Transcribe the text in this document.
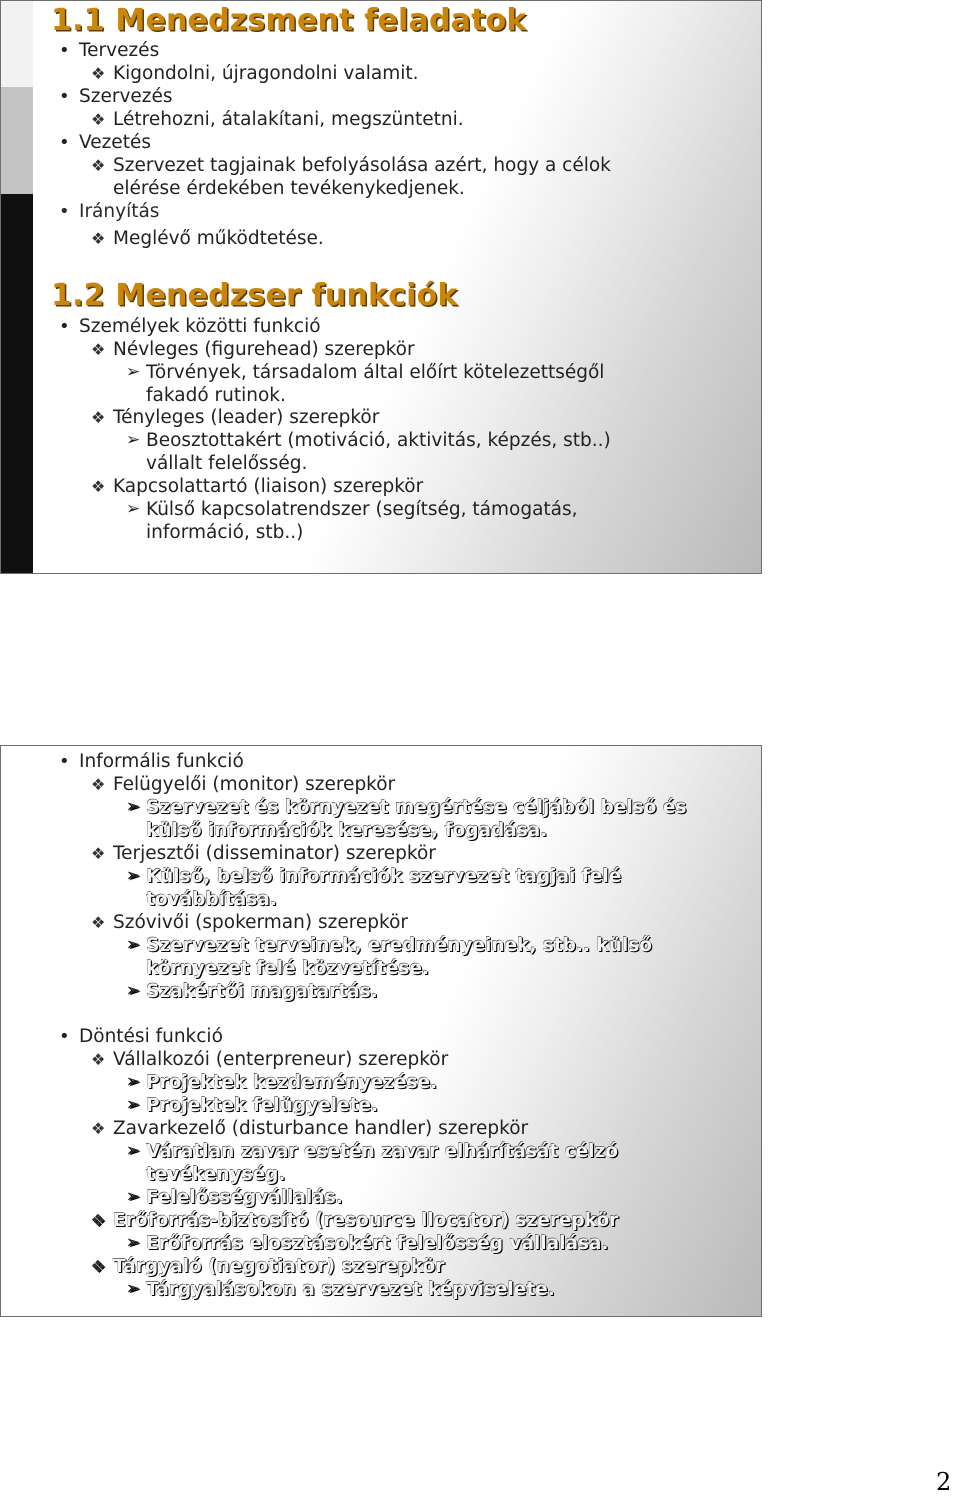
1.1 Menedzsment feladatok
• Tervezés
❖ Kigondolni, újragondolni valamit.
• Szervezés
❖ Létrehozni, átalakítani, megszüntetni.
• Vezetés
❖ Szervezet tagjainak befolyásolása azért, hogy a célok
elérése érdekében tevékenykedjenek.
• Irányítás
❖ Meglévő működtetése.
1.2 Menedzser funkciók
• Személyek közötti funkció
❖ Névleges (figurehead) szerepkör
➢ Törvények, társadalom által előírt kötelezettségől
fakadó rutinok.
❖ Tényleges (leader) szerepkör
➢ Beosztottakért (motiváció, aktivitás, képzés, stb..)
vállalt felelősség.
❖ Kapcsolattartó (liaison) szerepkör
➢ Külső kapcsolatrendszer (segítség, támogatás,
információ, stb..)
• Informális funkció
❖ Felügyelői (monitor) szerepkör
➢ Szervezet és környezet megértése céljából belső és
külső információk keresése, fogadása.
❖ Terjesztői (disseminator) szerepkör
➢ Külső, belső információk szervezet tagjai felé
továbbítása.
❖ Szóvivői (spokerman) szerepkör
➢ Szervezet terveinek, eredményeinek, stb.. külső
környezet felé közvetítése.
➢ Szakértői magatartás.
• Döntési funkció
❖ Vállalkozói (enterpreneur) szerepkör
➢ Projektek kezdeményezése.
➢ Projektek felügyelete.
❖ Zavarkezelő (disturbance handler) szerepkör
➢ Váratlan zavar esetén zavar elhárítását célzó
tevékenység.
➢ Felelősségvállalás.
❖ Erőforrás-biztosító (resource llocator) szerepkör
➢ Erőforrás elosztásokért felelősség vállalása.
❖ Tárgyaló (negotiator) szerepkör
➢ Tárgyalásokon a szervezet képviselete.
2
